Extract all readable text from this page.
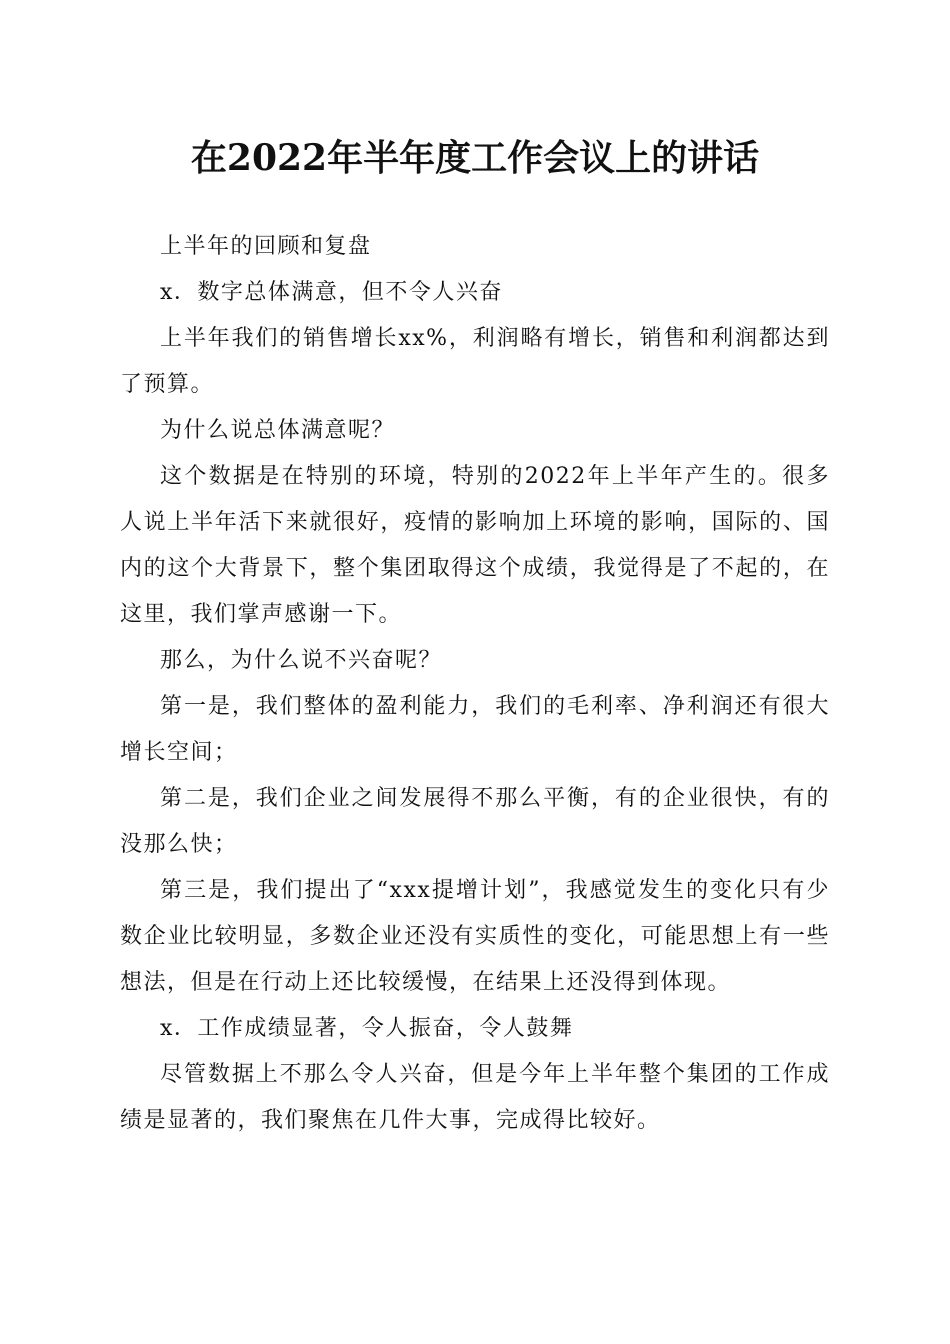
在2022年半年度工作会议上的讲话

上半年的回顾和复盘

x．数字总体满意，但不令人兴奋

上半年我们的销售增长xx%，利润略有增长，销售和利润都达到了预算。

为什么说总体满意呢？

这个数据是在特别的环境，特别的2022年上半年产生的。很多人说上半年活下来就很好，疫情的影响加上环境的影响，国际的、国内的这个大背景下，整个集团取得这个成绩，我觉得是了不起的，在这里，我们掌声感谢一下。

那么，为什么说不兴奋呢？

第一是，我们整体的盈利能力，我们的毛利率、净利润还有很大增长空间；

第二是，我们企业之间发展得不那么平衡，有的企业很快，有的没那么快；

第三是，我们提出了“xxx提增计划”，我感觉发生的变化只有少数企业比较明显，多数企业还没有实质性的变化，可能思想上有一些想法，但是在行动上还比较缓慢，在结果上还没得到体现。

x．工作成绩显著，令人振奋，令人鼓舞

尽管数据上不那么令人兴奋，但是今年上半年整个集团的工作成绩是显著的，我们聚焦在几件大事，完成得比较好。
